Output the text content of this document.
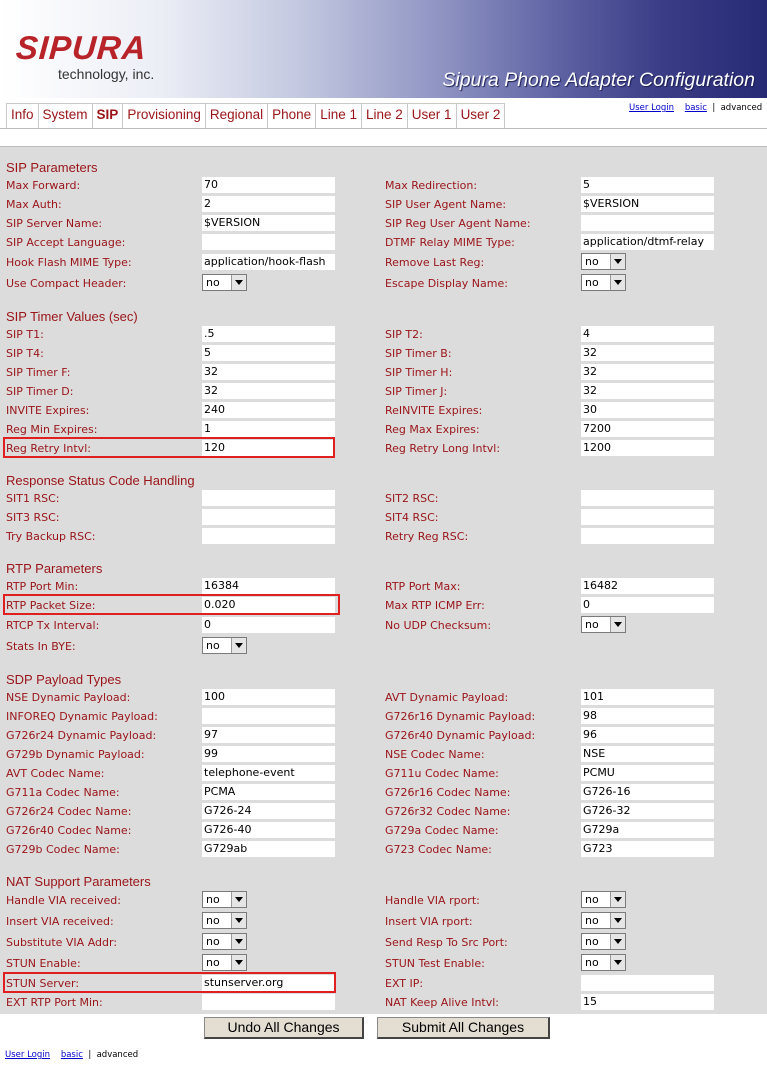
SIPURA
technology, inc.	Sipura Phone Adapter Configuration
Info System SIP Provisioning Regional Phone Line 1 Line 2 User 1 User 2	User Login basic | advanced
SIP Parameters
Max Forward:	70	Max Redirection:	5
Max Auth:	2	SIP User Agent Name:	$VERSION
SIP Server Name:	$VERSION	SIP Reg User Agent Name:
SIP Accept Language:	DTMF Relay MIME Type:	application/dtmf-relay
Hook Flash MIME Type:	application/hook-flash	Remove Last Reg:	no
Use Compact Header:	no	Escape Display Name:	no
SIP Timer Values (sec)
SIP T1:	.5	SIP T2:	4
SIP T4:	5	SIP Timer B:	32
SIP Timer F:	32	SIP Timer H:	32
SIP Timer D:	32	SIP Timer J:	32
INVITE Expires:	240	ReINVITE Expires:	30
Reg Min Expires:	1	Reg Max Expires:	7200
Reg Retry Intvl:	120	Reg Retry Long Intvl:	1200
Response Status Code Handling
SIT1 RSC:	SIT2 RSC:
SIT3 RSC:	SIT4 RSC:
Try Backup RSC:	Retry Reg RSC:
RTP Parameters
RTP Port Min:	16384	RTP Port Max:	16482
RTP Packet Size:	0.020	Max RTP ICMP Err:	0
RTCP Tx Interval:	0	No UDP Checksum:	no
Stats In BYE:	no
SDP Payload Types
NSE Dynamic Payload:	100	AVT Dynamic Payload:	101
INFOREQ Dynamic Payload:	G726r16 Dynamic Payload:	98
G726r24 Dynamic Payload:	97	G726r40 Dynamic Payload:	96
G729b Dynamic Payload:	99	NSE Codec Name:	NSE
AVT Codec Name:	telephone-event	G711u Codec Name:	PCMU
G711a Codec Name:	PCMA	G726r16 Codec Name:	G726-16
G726r24 Codec Name:	G726-24	G726r32 Codec Name:	G726-32
G726r40 Codec Name:	G726-40	G729a Codec Name:	G729a
G729b Codec Name:	G729ab	G723 Codec Name:	G723
NAT Support Parameters
Handle VIA received:	no	Handle VIA rport:	no
Insert VIA received:	no	Insert VIA rport:	no
Substitute VIA Addr:	no	Send Resp To Src Port:	no
STUN Enable:	no	STUN Test Enable:	no
STUN Server:	stunserver.org	EXT IP:
EXT RTP Port Min:	NAT Keep Alive Intvl:	15
Undo All Changes	Submit All Changes
User Login basic | advanced
